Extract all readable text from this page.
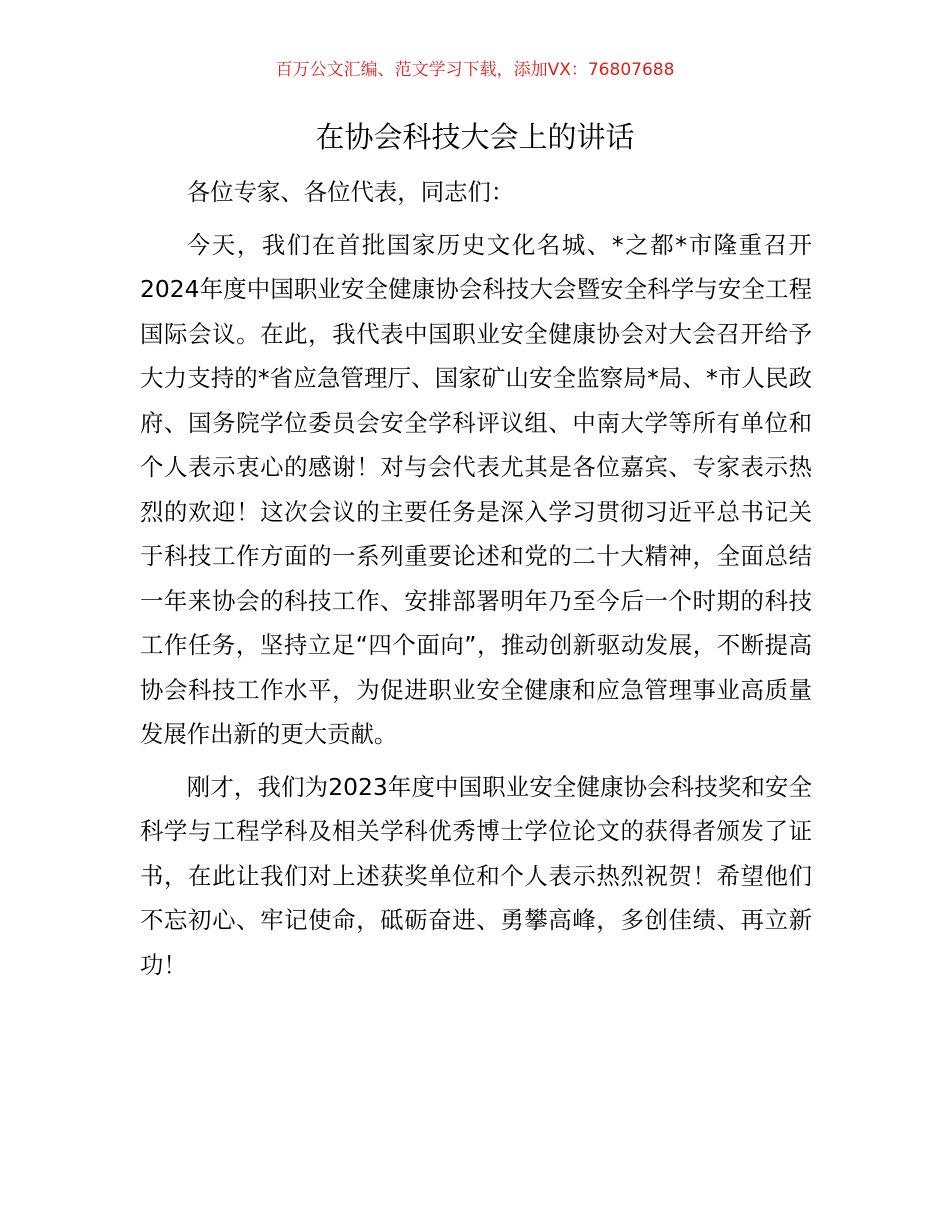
百万公文汇编、范文学习下载，添加VX：76807688
在协会科技大会上的讲话

各位专家、各位代表，同志们：

今天，我们在首批国家历史文化名城、*之都*市隆重召开2024年度中国职业安全健康协会科技大会暨安全科学与安全工程国际会议。在此，我代表中国职业安全健康协会对大会召开给予大力支持的*省应急管理厅、国家矿山安全监察局*局、*市人民政府、国务院学位委员会安全学科评议组、中南大学等所有单位和个人表示衷心的感谢！对与会代表尤其是各位嘉宾、专家表示热烈的欢迎！这次会议的主要任务是深入学习贯彻习近平总书记关于科技工作方面的一系列重要论述和党的二十大精神，全面总结一年来协会的科技工作、安排部署明年乃至今后一个时期的科技工作任务，坚持立足“四个面向”，推动创新驱动发展，不断提高协会科技工作水平，为促进职业安全健康和应急管理事业高质量发展作出新的更大贡献。

刚才，我们为2023年度中国职业安全健康协会科技奖和安全科学与工程学科及相关学科优秀博士学位论文的获得者颁发了证书，在此让我们对上述获奖单位和个人表示热烈祝贺！希望他们不忘初心、牢记使命，砥砺奋进、勇攀高峰，多创佳绩、再立新功！
